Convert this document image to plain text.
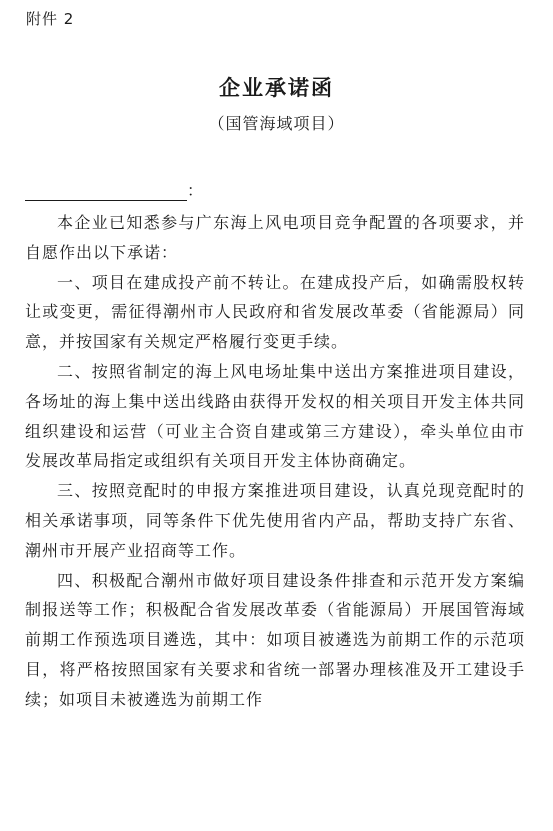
附件 2
企业承诺函
（国管海域项目）
：

本企业已知悉参与广东海上风电项目竞争配置的各项要求，并自愿作出以下承诺：

一、项目在建成投产前不转让。在建成投产后，如确需股权转让或变更，需征得潮州市人民政府和省发展改革委（省能源局）同意，并按国家有关规定严格履行变更手续。

二、按照省制定的海上风电场址集中送出方案推进项目建设，各场址的海上集中送出线路由获得开发权的相关项目开发主体共同组织建设和运营（可业主合资自建或第三方建设），牵头单位由市发展改革局指定或组织有关项目开发主体协商确定。

三、按照竞配时的申报方案推进项目建设，认真兑现竞配时的相关承诺事项，同等条件下优先使用省内产品，帮助支持广东省、潮州市开展产业招商等工作。

四、积极配合潮州市做好项目建设条件排查和示范开发方案编制报送等工作；积极配合省发展改革委（省能源局）开展国管海域前期工作预选项目遴选，其中：如项目被遴选为前期工作的示范项目，将严格按照国家有关要求和省统一部署办理核准及开工建设手续；如项目未被遴选为前期工作
